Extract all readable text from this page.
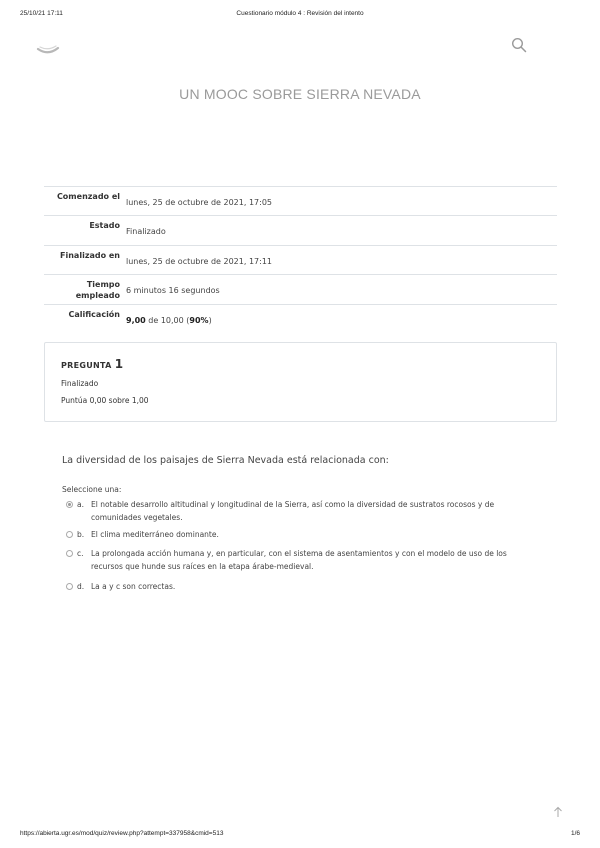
25/10/21 17:11	Cuestionario módulo 4 : Revisión del intento
UN MOOC SOBRE SIERRA NEVADA
Comenzado el	lunes, 25 de octubre de 2021, 17:05
Estado	Finalizado
Finalizado en	lunes, 25 de octubre de 2021, 17:11
Tiempo
empleado	6 minutos 16 segundos
Calificación	9,00 de 10,00 (90%)
PREGUNTA 1
Finalizado
Puntúa 0,00 sobre 1,00
La diversidad de los paisajes de Sierra Nevada está relacionada con:
Seleccione una:
a. El notable desarrollo altitudinal y longitudinal de la Sierra, así como la diversidad de sustratos rocosos y de comunidades vegetales.
b. El clima mediterráneo dominante.
c. La prolongada acción humana y, en particular, con el sistema de asentamientos y con el modelo de uso de los recursos que hunde sus raíces en la etapa árabe-medieval.
d. La a y c son correctas.
https://abierta.ugr.es/mod/quiz/review.php?attempt=337958&cmid=513	1/6
